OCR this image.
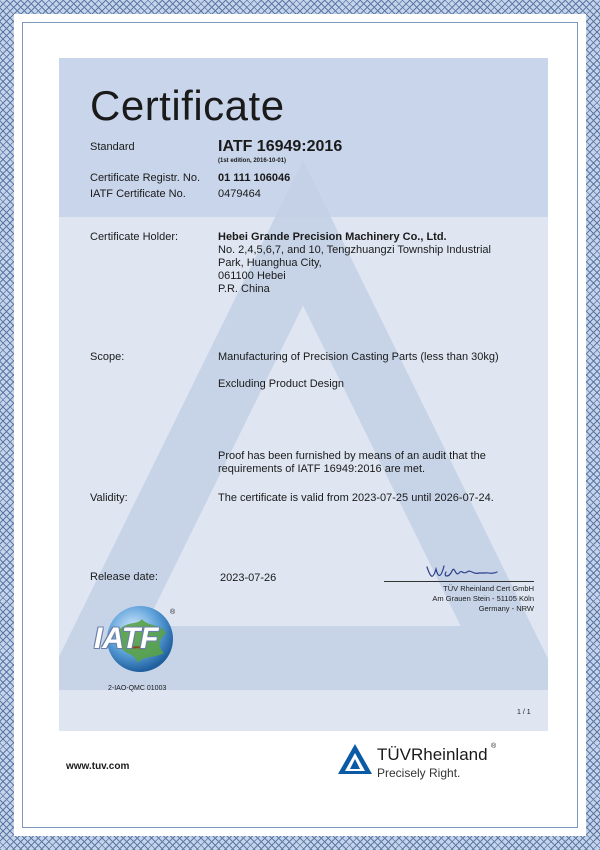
Certificate
Standard	IATF 16949:2016
(1st edition, 2016-10-01)
Certificate Registr. No. 01 111 106046
IATF Certificate No.	0479464
Certificate Holder:	Hebei Grande Precision Machinery Co., Ltd.
No. 2,4,5,6,7, and 10, Tengzhuangzi Township Industrial
Park, Huanghua City,
061100 Hebei
P.R. China
Scope:	Manufacturing of Precision Casting Parts (less than 30kg)
Excluding Product Design
Proof has been furnished by means of an audit that the
requirements of IATF 16949:2016 are met.
Validity:	The certificate is valid from 2023-07-25 until 2026-07-24.
Release date:	2023-07-26
TÜV Rheinland Cert GmbH
Am Grauen Stein - 51105 Köln
Germany - NRW
IATF
®
2-IAO-QMC 01003
1 / 1
www.tuv.com
TÜVRheinland ®
Precisely Right.
